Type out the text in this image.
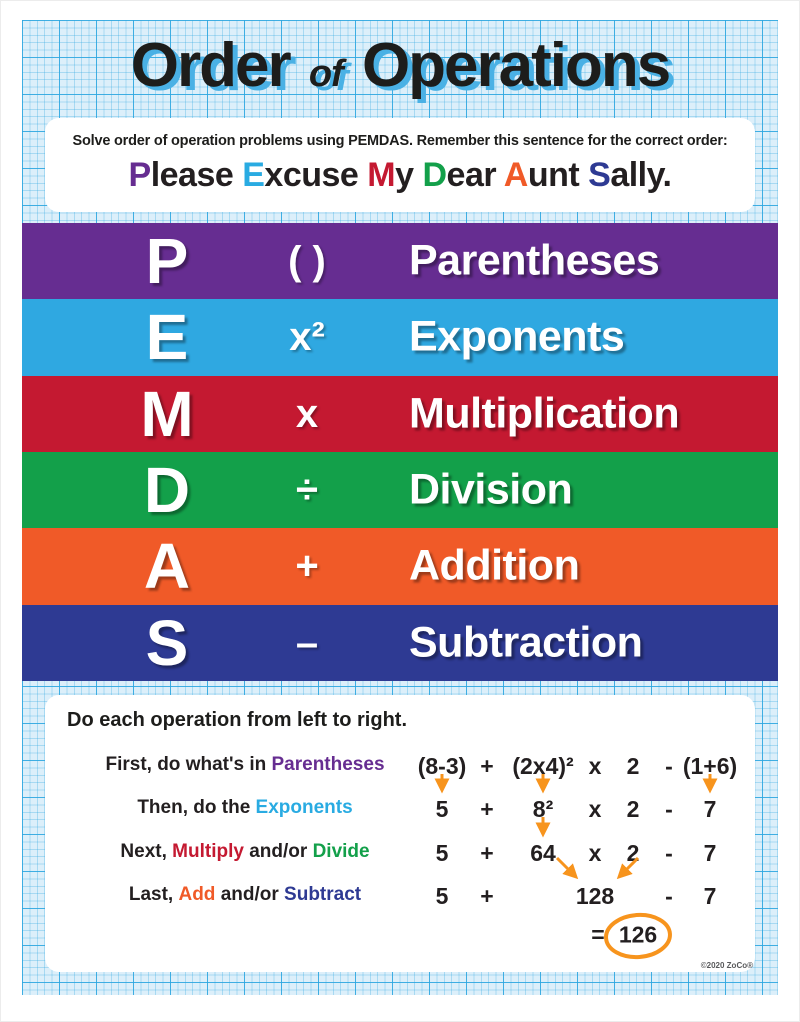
Order of Operations
Solve order of operation problems using PEMDAS. Remember this sentence for the correct order:
Please Excuse My Dear Aunt Sally.
P ( ) Parentheses
E	x² Exponents
M	x Multiplication
D	÷ Division
A	+ Addition
S	– Subtraction
Do each operation from left to right.
First, do what's in Parentheses	(8-3) + (2x4)² x 2 - (1+6)
Then, do the Exponents	5 + 8² x 2 - 7
Next, Multiply and/or Divide	5 + 64 x 2 - 7
Last, Add and/or Subtract	5 +	128 - 7
= 126
©2020 ZoCo®
